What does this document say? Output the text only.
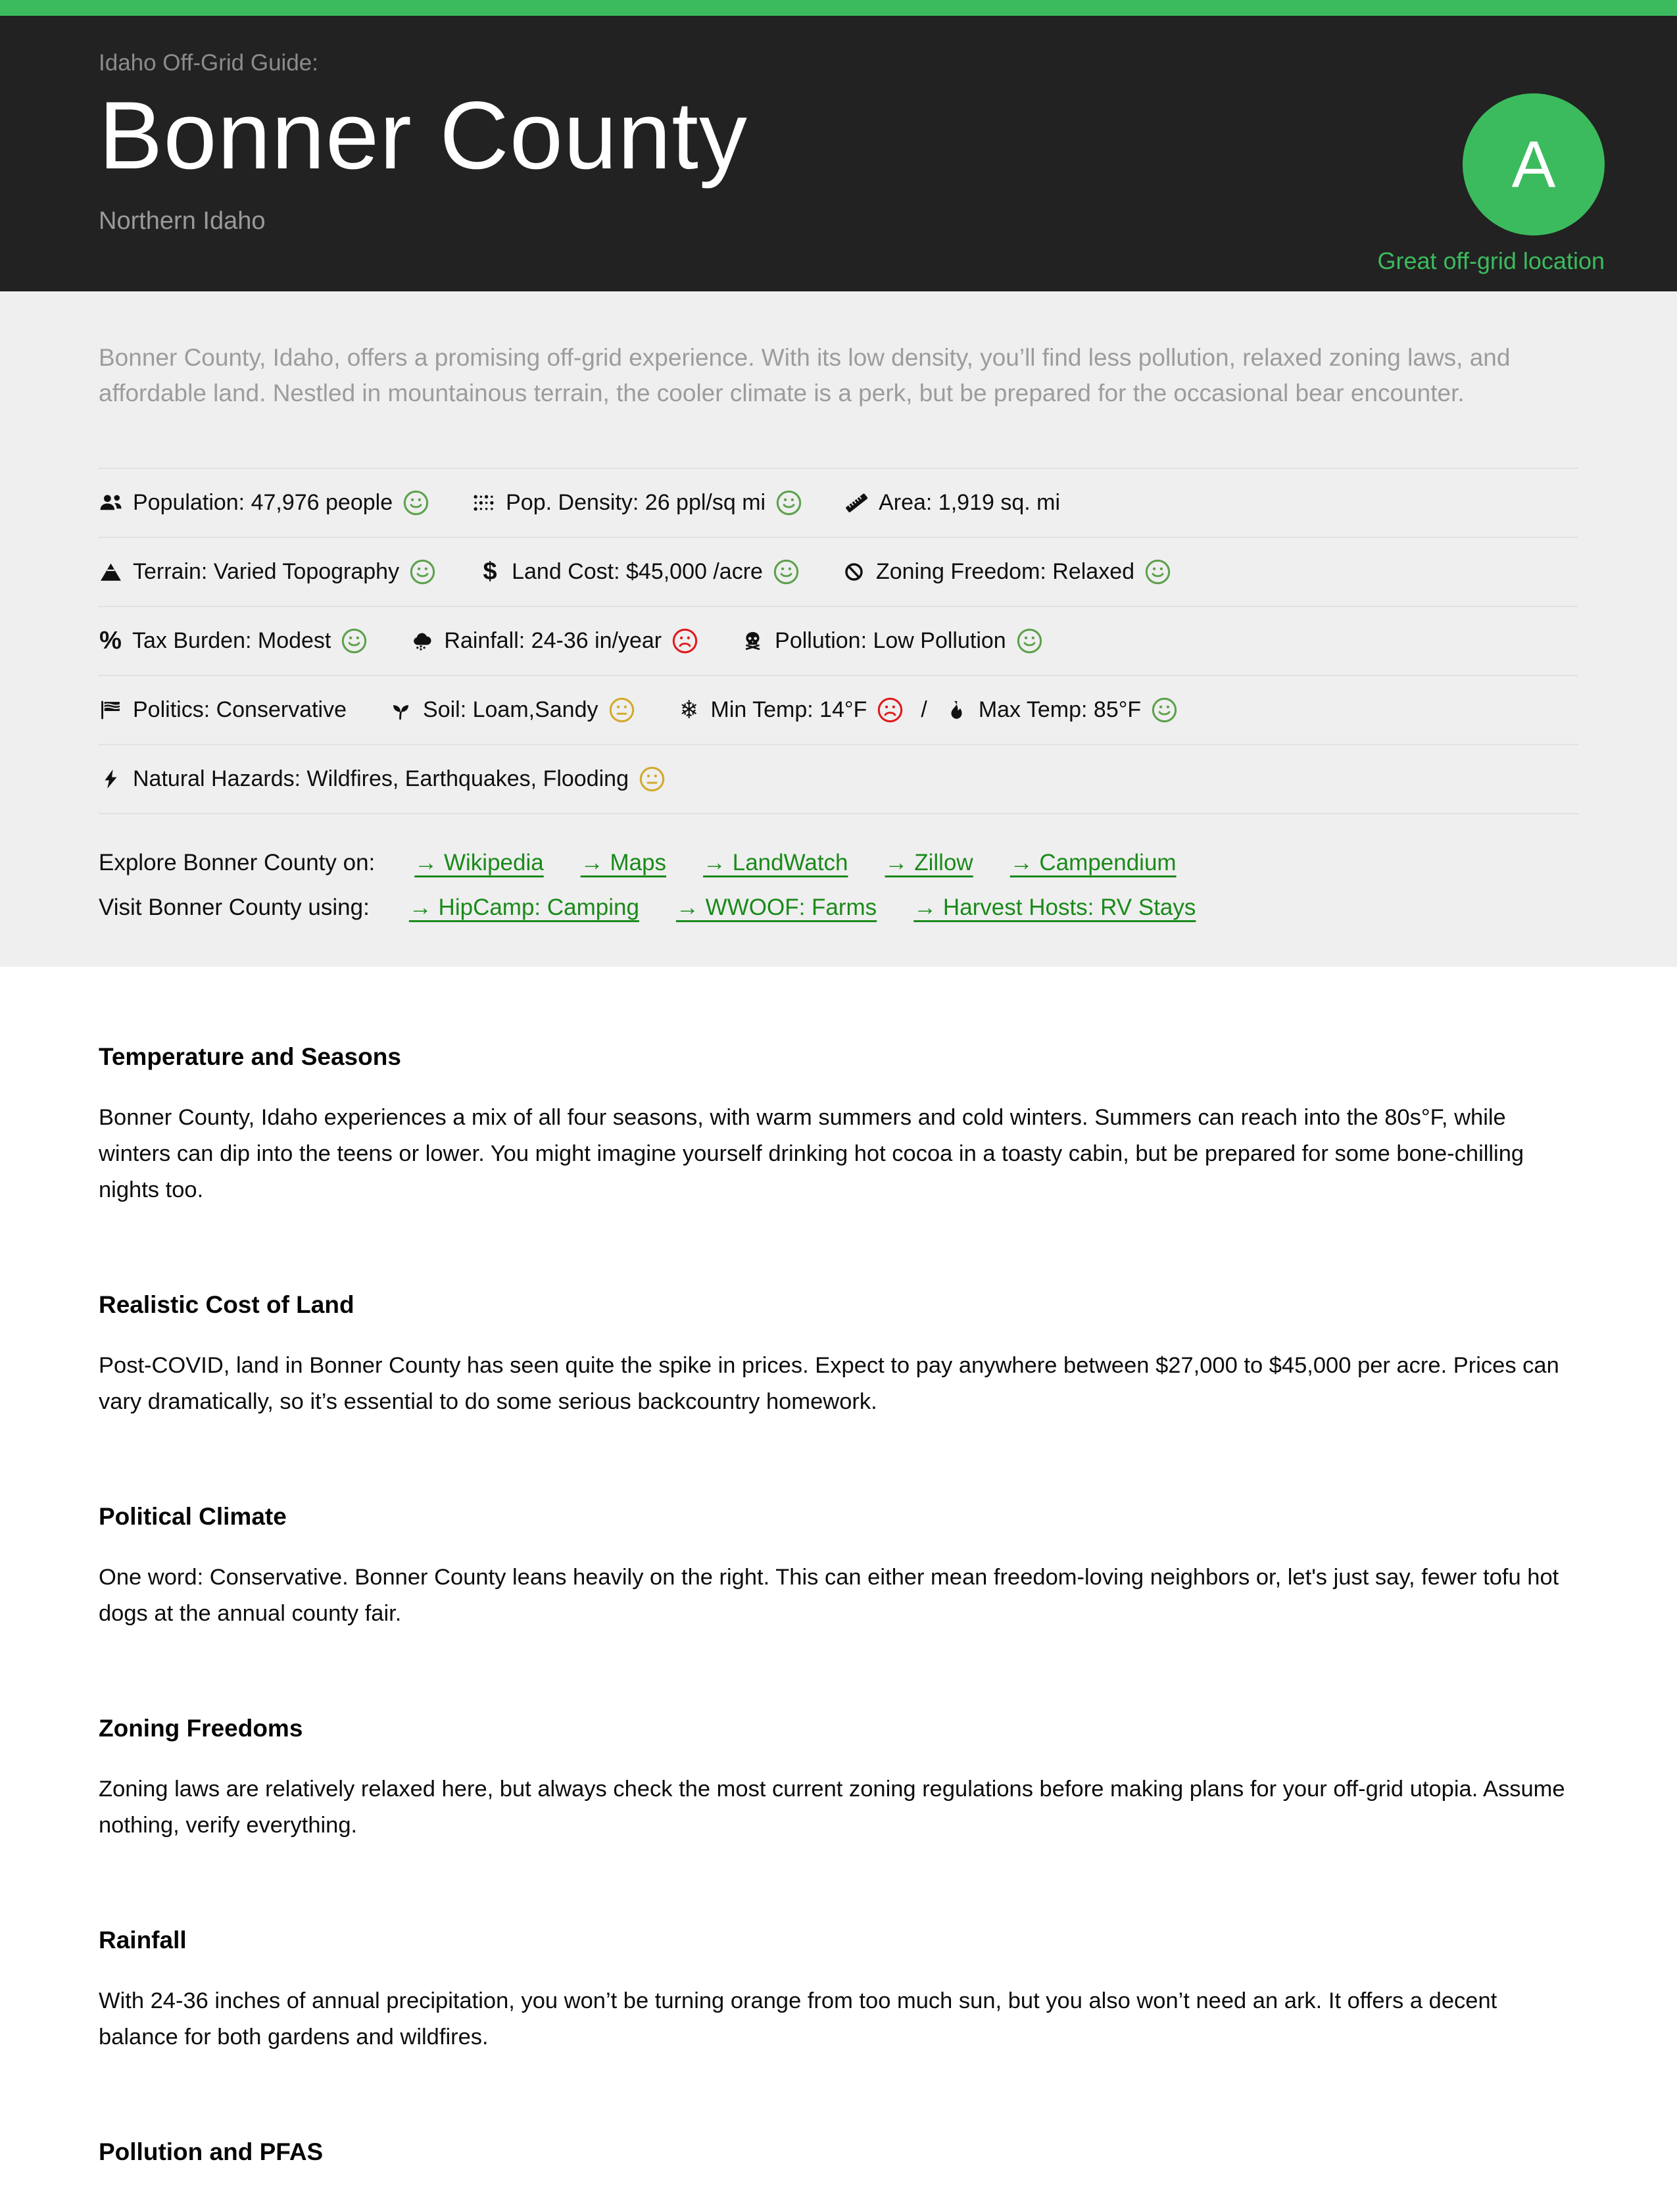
Idaho Off-Grid Guide:

Bonner County
Northern Idaho
A
Great off-grid location

Bonner County, Idaho, offers a promising off-grid experience. With its low density, you’ll find less pollution, relaxed zoning laws, and affordable land. Nestled in mountainous terrain, the cooler climate is a perk, but be prepared for the occasional bear encounter.

Population: 47,976 people	Pop. Density: 26 ppl/sq mi	Area: 1,919 sq. mi
Terrain: Varied Topography	$ Land Cost: $45,000 /acre	Zoning Freedom: Relaxed
% Tax Burden: Modest	Rainfall: 24-36 in/year	Pollution: Low Pollution
Politics: Conservative	Soil: Loam,Sandy	❄ Min Temp: 14°F / Max Temp: 85°F
Natural Hazards: Wildfires, Earthquakes, Flooding
Explore Bonner County on: → Wikipedia → Maps → LandWatch → Zillow → Campendium
Visit Bonner County using: → HipCamp: Camping → WWOOF: Farms → Harvest Hosts: RV Stays
Temperature and Seasons

Bonner County, Idaho experiences a mix of all four seasons, with warm summers and cold winters. Summers can reach into the 80s°F, while winters can dip into the teens or lower. You might imagine yourself drinking hot cocoa in a toasty cabin, but be prepared for some bone-chilling nights too.

Realistic Cost of Land

Post-COVID, land in Bonner County has seen quite the spike in prices. Expect to pay anywhere between $27,000 to $45,000 per acre. Prices can vary dramatically, so it’s essential to do some serious backcountry homework.

Political Climate

One word: Conservative. Bonner County leans heavily on the right. This can either mean freedom-loving neighbors or, let's just say, fewer tofu hot dogs at the annual county fair.

Zoning Freedoms

Zoning laws are relatively relaxed here, but always check the most current zoning regulations before making plans for your off-grid utopia. Assume nothing, verify everything.

Rainfall

With 24-36 inches of annual precipitation, you won’t be turning orange from too much sun, but you also won’t need an ark. It offers a decent balance for both gardens and wildfires.

Pollution and PFAS
